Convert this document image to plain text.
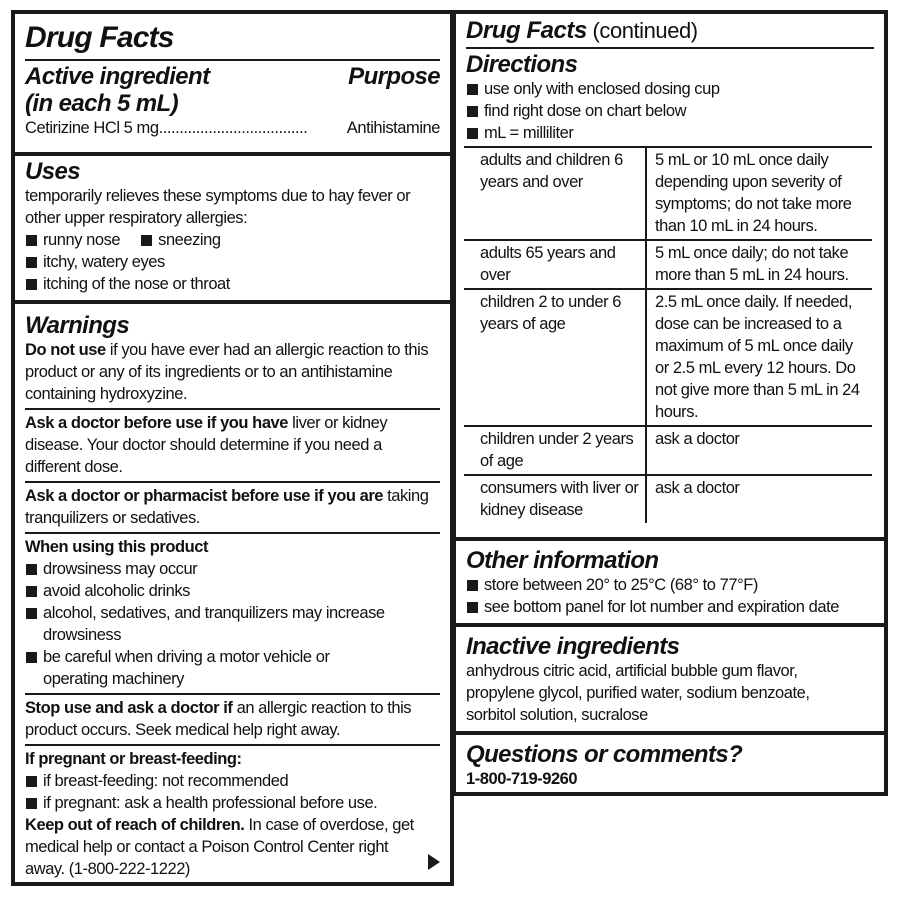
Drug Facts
Active ingredient	Purpose
(in each 5 mL)
Cetirizine HCl 5 mg ....................................	Antihistamine
Uses
temporarily relieves these symptoms due to hay fever or other upper respiratory allergies:
runny nose	sneezing
itchy, watery eyes
itching of the nose or throat
Warnings
Do not use if you have ever had an allergic reaction to this product or any of its ingredients or to an antihistamine containing hydroxyzine.
Ask a doctor before use if you have liver or kidney disease. Your doctor should determine if you need a different dose.
Ask a doctor or pharmacist before use if you are taking tranquilizers or sedatives.
When using this product
drowsiness may occur
avoid alcoholic drinks
alcohol, sedatives, and tranquilizers may increase drowsiness
be careful when driving a motor vehicle or operating machinery
Stop use and ask a doctor if an allergic reaction to this product occurs. Seek medical help right away.
If pregnant or breast-feeding:
if breast-feeding: not recommended
if pregnant: ask a health professional before use.
Keep out of reach of children. In case of overdose, get medical help or contact a Poison Control Center right away. (1-800-222-1222)
Drug Facts (continued)
Directions
use only with enclosed dosing cup
find right dose on chart below
mL = milliliter
adults and children 6 years and over	5 mL or 10 mL once daily depending upon severity of symptoms; do not take more than 10 mL in 24 hours.
adults 65 years and over	5 mL once daily; do not take more than 5 mL in 24 hours.
children 2 to under 6 years of age	2.5 mL once daily. If needed, dose can be increased to a maximum of 5 mL once daily or 2.5 mL every 12 hours. Do not give more than 5 mL in 24 hours.
children under 2 years of age	ask a doctor
consumers with liver or kidney disease	ask a doctor
Other information
store between 20° to 25°C (68° to 77°F)
see bottom panel for lot number and expiration date
Inactive ingredients
anhydrous citric acid, artificial bubble gum flavor, propylene glycol, purified water, sodium benzoate, sorbitol solution, sucralose
Questions or comments?
1-800-719-9260
